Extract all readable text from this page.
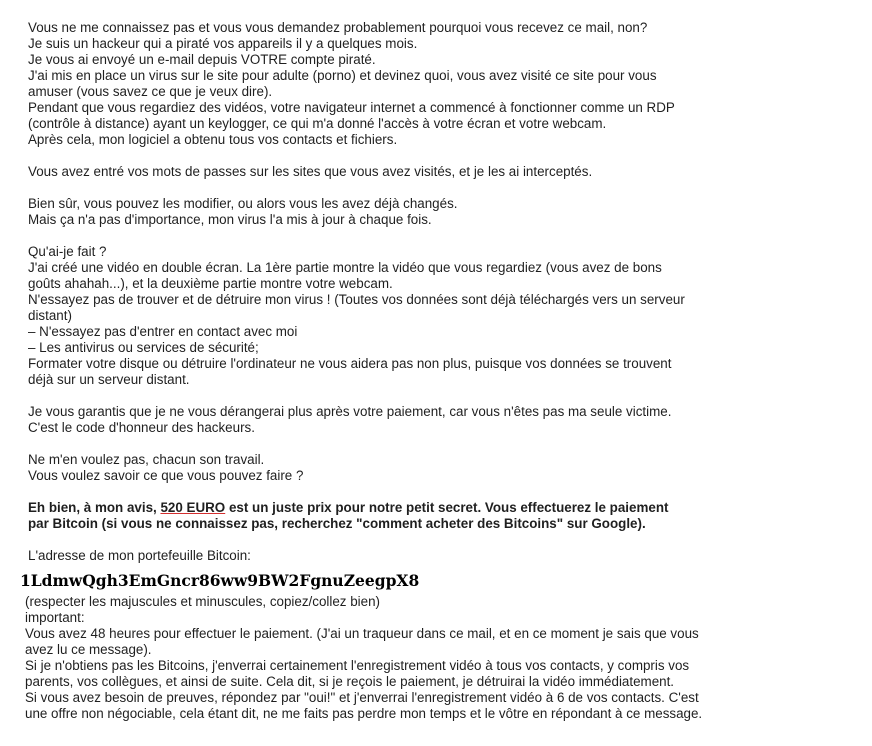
Vous ne me connaissez pas et vous vous demandez probablement pourquoi vous recevez ce mail, non?
Je suis un hackeur qui a piraté vos appareils il y a quelques mois.
Je vous ai envoyé un e-mail depuis VOTRE compte piraté.
J'ai mis en place un virus sur le site pour adulte (porno) et devinez quoi, vous avez visité ce site pour vous
amuser (vous savez ce que je veux dire).
Pendant que vous regardiez des vidéos, votre navigateur internet a commencé à fonctionner comme un RDP
(contrôle à distance) ayant un keylogger, ce qui m'a donné l'accès à votre écran et votre webcam.
Après cela, mon logiciel a obtenu tous vos contacts et fichiers.
Vous avez entré vos mots de passes sur les sites que vous avez visités, et je les ai interceptés.
Bien sûr, vous pouvez les modifier, ou alors vous les avez déjà changés.
Mais ça n'a pas d'importance, mon virus l'a mis à jour à chaque fois.
Qu'ai-je fait ?
J'ai créé une vidéo en double écran. La 1ère partie montre la vidéo que vous regardiez (vous avez de bons
goûts ahahah...), et la deuxième partie montre votre webcam.
N'essayez pas de trouver et de détruire mon virus ! (Toutes vos données sont déjà téléchargés vers un serveur
distant)
– N'essayez pas d'entrer en contact avec moi
– Les antivirus ou services de sécurité;
Formater votre disque ou détruire l'ordinateur ne vous aidera pas non plus, puisque vos données se trouvent
déjà sur un serveur distant.
Je vous garantis que je ne vous dérangerai plus après votre paiement, car vous n'êtes pas ma seule victime.
C'est le code d'honneur des hackeurs.
Ne m'en voulez pas, chacun son travail.
Vous voulez savoir ce que vous pouvez faire ?
Eh bien, à mon avis, 520 EURO est un juste prix pour notre petit secret. Vous effectuerez le paiement
par Bitcoin (si vous ne connaissez pas, recherchez "comment acheter des Bitcoins" sur Google).
L'adresse de mon portefeuille Bitcoin:
1LdmwQgh3EmGncr86ww9BW2FgnuZeegpX8
(respecter les majuscules et minuscules, copiez/collez bien)
important:
Vous avez 48 heures pour effectuer le paiement. (J'ai un traqueur dans ce mail, et en ce moment je sais que vous
avez lu ce message).
Si je n'obtiens pas les Bitcoins, j'enverrai certainement l'enregistrement vidéo à tous vos contacts, y compris vos
parents, vos collègues, et ainsi de suite. Cela dit, si je reçois le paiement, je détruirai la vidéo immédiatement.
Si vous avez besoin de preuves, répondez par "oui!" et j'enverrai l'enregistrement vidéo à 6 de vos contacts. C'est
une offre non négociable, cela étant dit, ne me faits pas perdre mon temps et le vôtre en répondant à ce message.
